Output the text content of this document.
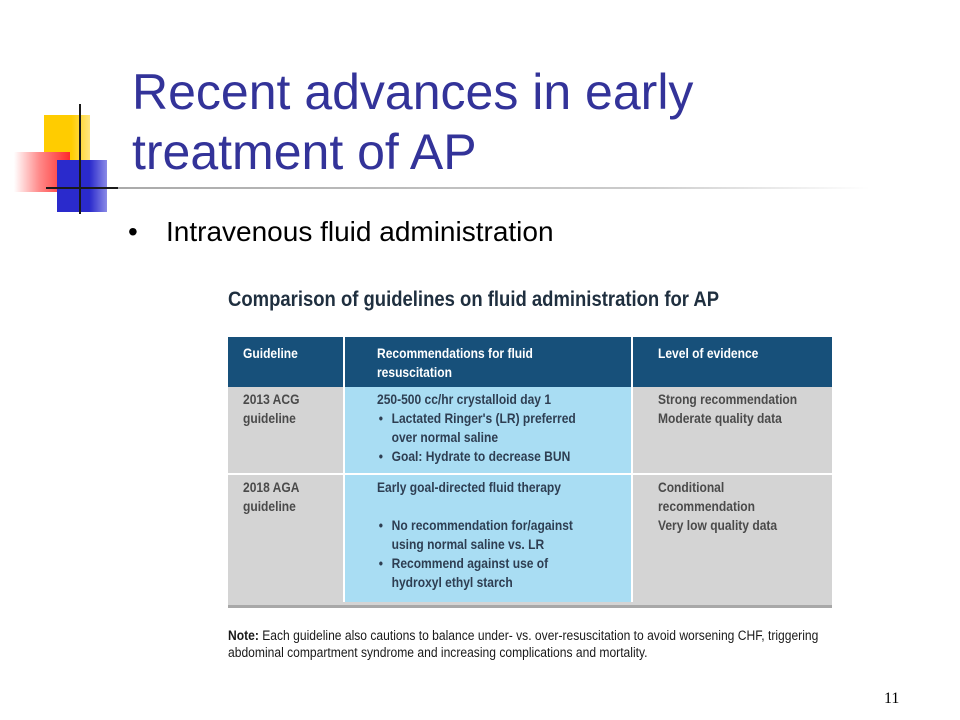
Recent advances in early treatment of AP
• Intravenous fluid administration
Comparison of guidelines on fluid administration for AP
Guideline	Recommendations for fluid
resuscitation
Level of evidence
2013 ACG
guideline
250-500 cc/hr crystalloid day 1
• Lactated Ringer's (LR) preferred
over normal saline
• Goal: Hydrate to decrease BUN
Strong recommendation
Moderate quality data
2018 AGA
guideline
Early goal-directed fluid therapy
• No recommendation for/against
using normal saline vs. LR
• Recommend against use of
hydroxyl ethyl starch
Conditional
recommendation
Very low quality data
Note: Each guideline also cautions to balance under- vs. over-resuscitation to avoid worsening CHF, triggering abdominal compartment syndrome and increasing complications and mortality.
11
